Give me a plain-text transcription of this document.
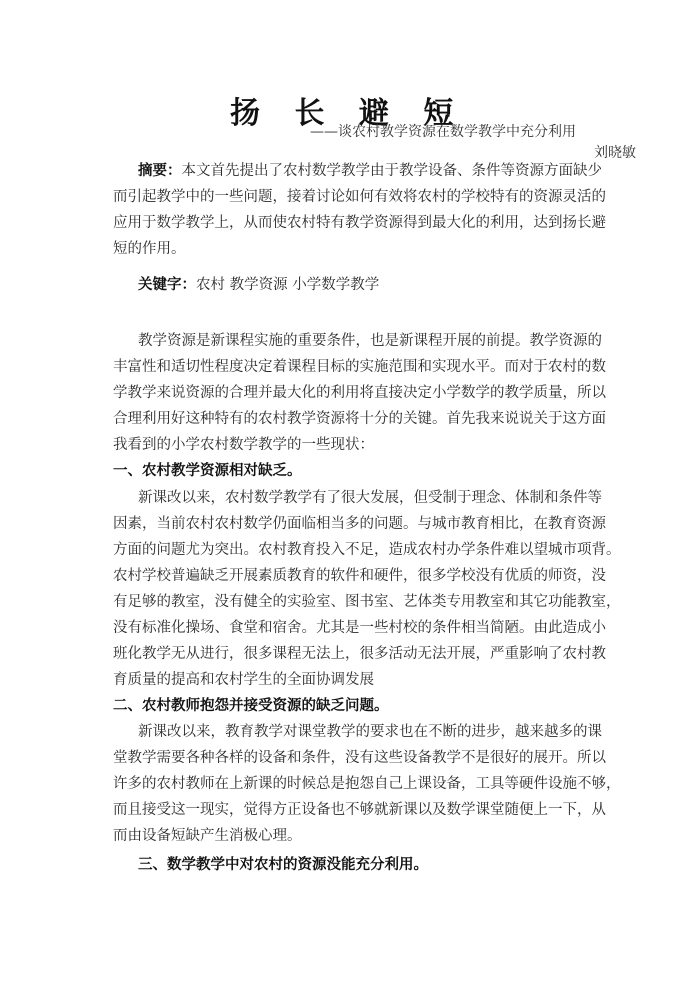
扬 长 避 短
——谈农村教学资源在数学教学中充分利用
刘晓敏
摘要：本文首先提出了农村数学教学由于教学设备、条件等资源方面缺少
而引起教学中的一些问题，接着讨论如何有效将农村的学校特有的资源灵活的
应用于数学教学上，从而使农村特有教学资源得到最大化的利用，达到扬长避
短的作用。
关键字：农村 教学资源 小学数学教学
教学资源是新课程实施的重要条件，也是新课程开展的前提。教学资源的
丰富性和适切性程度决定着课程目标的实施范围和实现水平。而对于农村的数
学教学来说资源的合理并最大化的利用将直接决定小学数学的教学质量，所以
合理利用好这种特有的农村教学资源将十分的关键。首先我来说说关于这方面
我看到的小学农村数学教学的一些现状：
一、农村教学资源相对缺乏。
新课改以来，农村数学教学有了很大发展，但受制于理念、体制和条件等
因素，当前农村农村数学仍面临相当多的问题。与城市教育相比，在教育资源
方面的问题尤为突出。农村教育投入不足，造成农村办学条件难以望城市项背。
农村学校普遍缺乏开展素质教育的软件和硬件，很多学校没有优质的师资，没
有足够的教室，没有健全的实验室、图书室、艺体类专用教室和其它功能教室，
没有标准化操场、食堂和宿舍。尤其是一些村校的条件相当简陋。由此造成小
班化教学无从进行，很多课程无法上，很多活动无法开展，严重影响了农村教
育质量的提高和农村学生的全面协调发展
二、农村教师抱怨并接受资源的缺乏问题。
新课改以来，教育教学对课堂教学的要求也在不断的进步，越来越多的课
堂教学需要各种各样的设备和条件，没有这些设备教学不是很好的展开。所以
许多的农村教师在上新课的时候总是抱怨自己上课设备，工具等硬件设施不够，
而且接受这一现实，觉得方正设备也不够就新课以及数学课堂随便上一下，从
而由设备短缺产生消极心理。
三、数学教学中对农村的资源没能充分利用。
